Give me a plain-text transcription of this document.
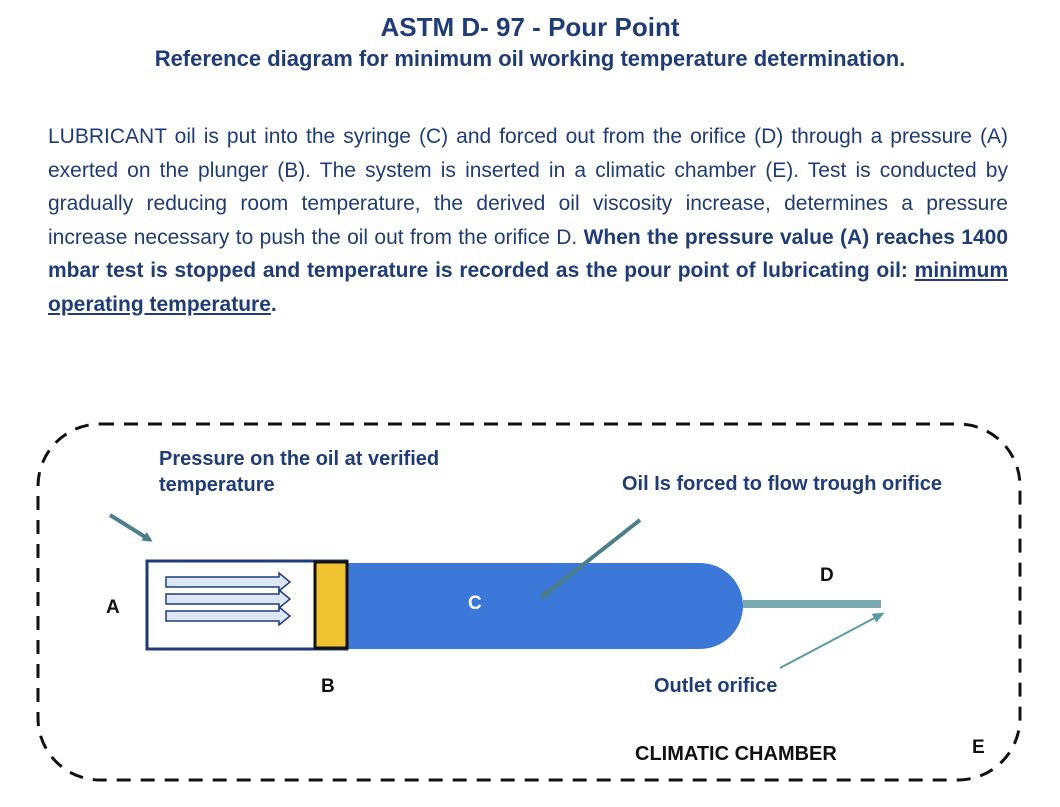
ASTM D- 97 - Pour Point
Reference diagram for minimum oil working temperature determination.
LUBRICANT oil is put into the syringe (C) and forced out from the orifice (D) through a pressure (A) exerted on the plunger (B). The system is inserted in a climatic chamber (E). Test is conducted by gradually reducing room temperature, the derived oil viscosity increase, determines a pressure increase necessary to push the oil out from the orifice D. When the pressure value (A) reaches 1400 mbar test is stopped and temperature is recorded as the pour point of lubricating oil: minimum operating temperature.
Pressure on the oil at verified
temperature	Oil Is forced to flow trough orifice
Outlet orifice
CLIMATIC CHAMBER
A
B
C
D
E
